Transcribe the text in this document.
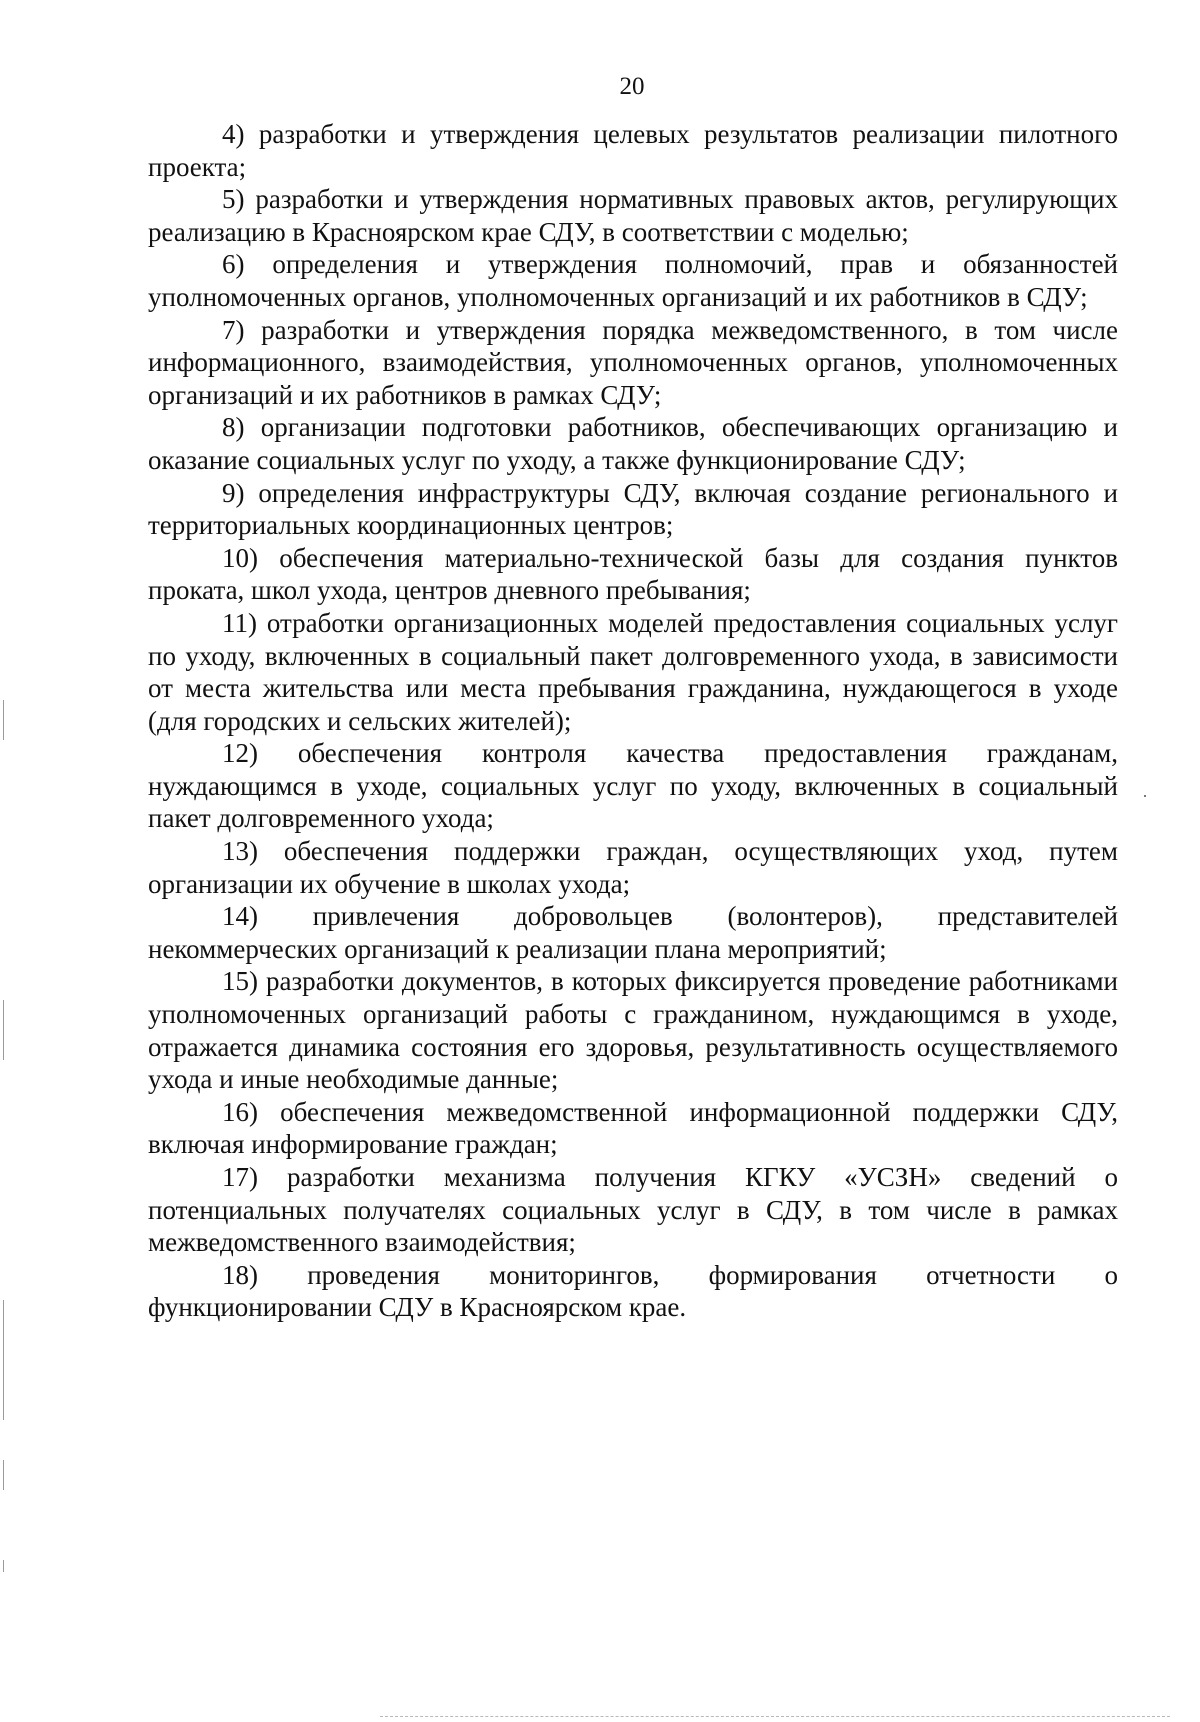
20

4) разработки и утверждения целевых результатов реализации пилотного проекта;

5) разработки и утверждения нормативных правовых актов, регулирующих реализацию в Красноярском крае СДУ, в соответствии с моделью;

6) определения и утверждения полномочий, прав и обязанностей уполномоченных органов, уполномоченных организаций и их работников в СДУ;

7) разработки и утверждения порядка межведомственного, в том числе информационного, взаимодействия, уполномоченных органов, уполномоченных организаций и их работников в рамках СДУ;

8) организации подготовки работников, обеспечивающих организацию и оказание социальных услуг по уходу, а также функционирование СДУ;

9) определения инфраструктуры СДУ, включая создание регионального и территориальных координационных центров;

10) обеспечения материально-технической базы для создания пунктов проката, школ ухода, центров дневного пребывания;

11) отработки организационных моделей предоставления социальных услуг по уходу, включенных в социальный пакет долговременного ухода, в зависимости от места жительства или места пребывания гражданина, нуждающегося в уходе (для городских и сельских жителей);

12) обеспечения контроля качества предоставления гражданам, нуждающимся в уходе, социальных услуг по уходу, включенных в социальный пакет долговременного ухода;

13) обеспечения поддержки граждан, осуществляющих уход, путем организации их обучение в школах ухода;

14) привлечения добровольцев (волонтеров), представителей некоммерческих организаций к реализации плана мероприятий;

15) разработки документов, в которых фиксируется проведение работниками уполномоченных организаций работы с гражданином, нуждающимся в уходе, отражается динамика состояния его здоровья, результативность осуществляемого ухода и иные необходимые данные;

16) обеспечения межведомственной информационной поддержки СДУ, включая информирование граждан;

17) разработки механизма получения КГКУ «УСЗН» сведений о потенциальных получателях социальных услуг в СДУ, в том числе в рамках межведомственного взаимодействия;

18) проведения мониторингов, формирования отчетности о функционировании СДУ в Красноярском крае.
